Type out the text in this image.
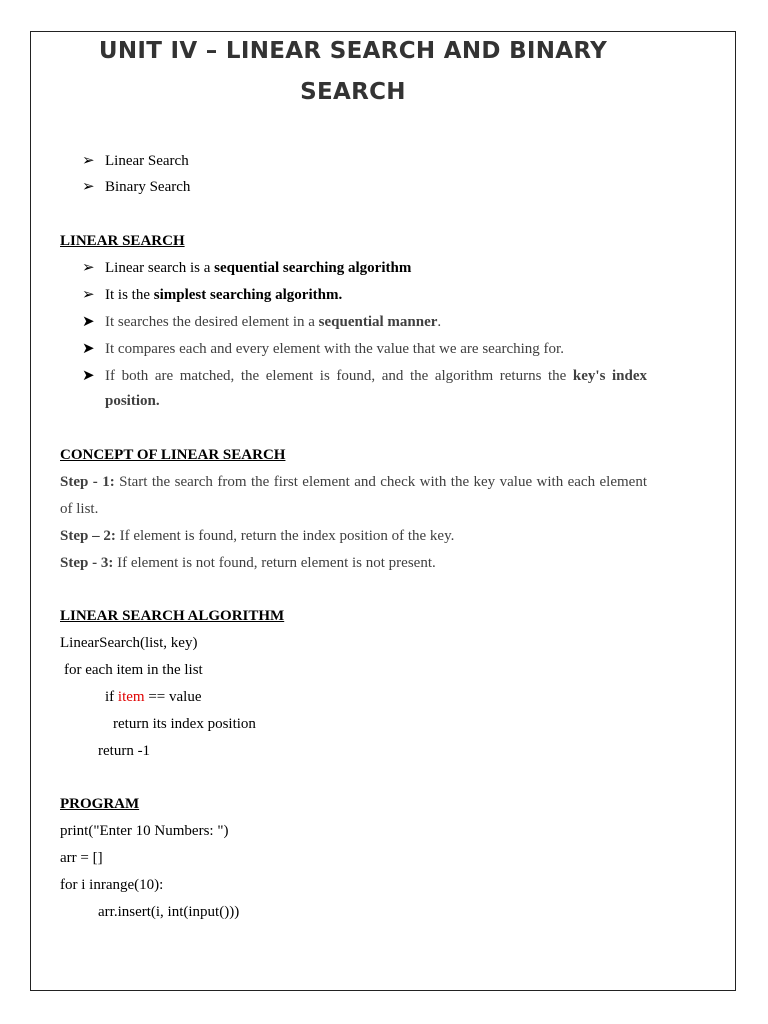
UNIT IV – LINEAR SEARCH AND BINARY
SEARCH
➢ Linear Search
➢ Binary Search
LINEAR SEARCH
➢ Linear search is a sequential searching algorithm
➢ It is the simplest searching algorithm.
➤ It searches the desired element in a sequential manner.
➤ It compares each and every element with the value that we are searching for.
➤ If both are matched, the element is found, and the algorithm returns the key's index
position.
CONCEPT OF LINEAR SEARCH
Step - 1: Start the search from the first element and check with the key value with each element
of list.
Step – 2: If element is found, return the index position of the key.
Step - 3: If element is not found, return element is not present.
LINEAR SEARCH ALGORITHM
LinearSearch(list, key)
for each item in the list
if item == value
return its index position
return -1
PROGRAM
print("Enter 10 Numbers: ")
arr = []
for i inrange(10):
arr.insert(i, int(input()))
